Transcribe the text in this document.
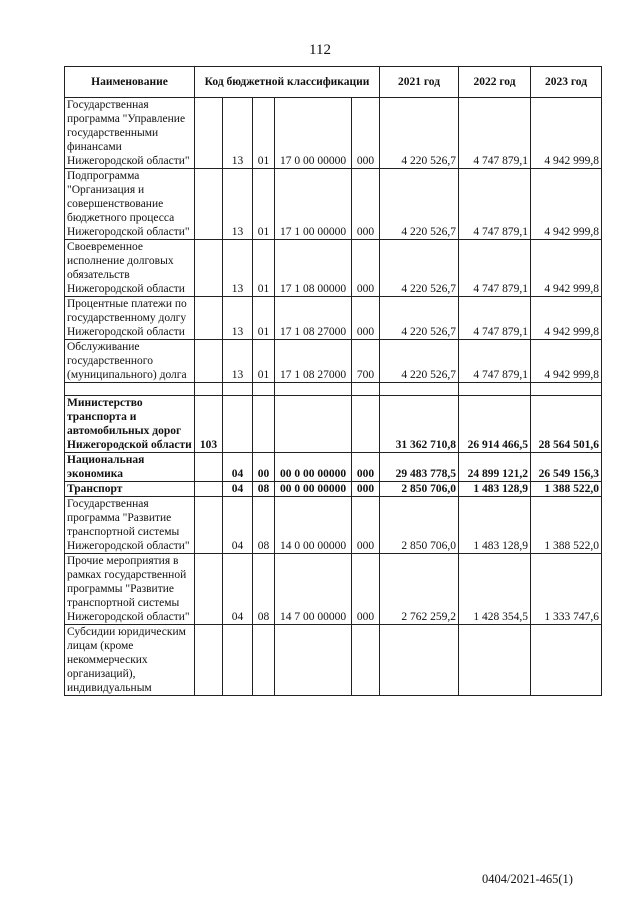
112
Наименование	Код бюджетной классификации					2021 год	2022 год	2023 год
Государственная программа "Управление государственными финансами Нижегородской области"		13	01	17 0 00 00000	000	4 220 526,7	4 747 879,1	4 942 999,8
Подпрограмма "Организация и совершенствование бюджетного процесса Нижегородской области"		13	01	17 1 00 00000	000	4 220 526,7	4 747 879,1	4 942 999,8
Своевременное исполнение долговых обязательств Нижегородской области		13	01	17 1 08 00000	000	4 220 526,7	4 747 879,1	4 942 999,8
Процентные платежи по государственному долгу Нижегородской области		13	01	17 1 08 27000	000	4 220 526,7	4 747 879,1	4 942 999,8
Обслуживание государственного (муниципального) долга		13	01	17 1 08 27000	700	4 220 526,7	4 747 879,1	4 942 999,8

Министерство транспорта и автомобильных дорог Нижегородской области	103					31 362 710,8	26 914 466,5	28 564 501,6
Национальная экономика		04	00	00 0 00 00000	000	29 483 778,5	24 899 121,2	26 549 156,3
Транспорт		04	08	00 0 00 00000	000	2 850 706,0	1 483 128,9	1 388 522,0
Государственная программа "Развитие транспортной системы Нижегородской области"		04	08	14 0 00 00000	000	2 850 706,0	1 483 128,9	1 388 522,0
Прочие мероприятия в рамках государственной программы "Развитие транспортной системы Нижегородской области"		04	08	14 7 00 00000	000	2 762 259,2	1 428 354,5	1 333 747,6
Субсидии юридическим лицам (кроме некоммерческих организаций), индивидуальным								
0404/2021-465(1)
